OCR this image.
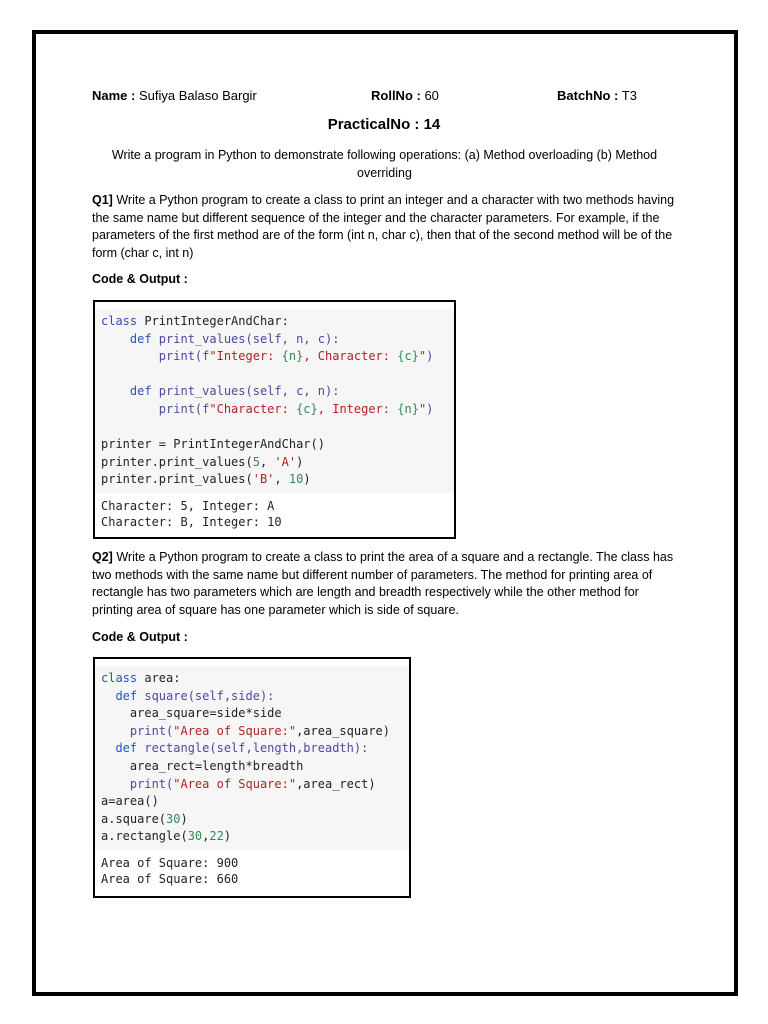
Name : Sufiya Balaso Bargir	RollNo : 60	BatchNo : T3
PracticalNo : 14
Write a program in Python to demonstrate following operations: (a) Method overloading (b) Method overriding
Q1] Write a Python program to create a class to print an integer and a character with two methods having the same name but different sequence of the integer and the character parameters. For example, if the parameters of the first method are of the form (int n, char c), then that of the second method will be of the form (char c, int n)
Code & Output :
class PrintIntegerAndChar:
def print_values(self, n, c):
print(f"Integer: {n}, Character: {c}")

def print_values(self, c, n):
print(f"Character: {c}, Integer: {n}")

printer = PrintIntegerAndChar()
printer.print_values(5, 'A')
printer.print_values('B', 10)
Character: 5, Integer: A
Character: B, Integer: 10
Q2] Write a Python program to create a class to print the area of a square and a rectangle. The class has two methods with the same name but different number of parameters. The method for printing area of rectangle has two parameters which are length and breadth respectively while the other method for printing area of square has one parameter which is side of square.
Code & Output :
class area:
def square(self,side):
area_square=side*side
print("Area of Square:",area_square)
def rectangle(self,length,breadth):
area_rect=length*breadth
print("Area of Square:",area_rect)
a=area()
a.square(30)
a.rectangle(30,22)
Area of Square: 900
Area of Square: 660
